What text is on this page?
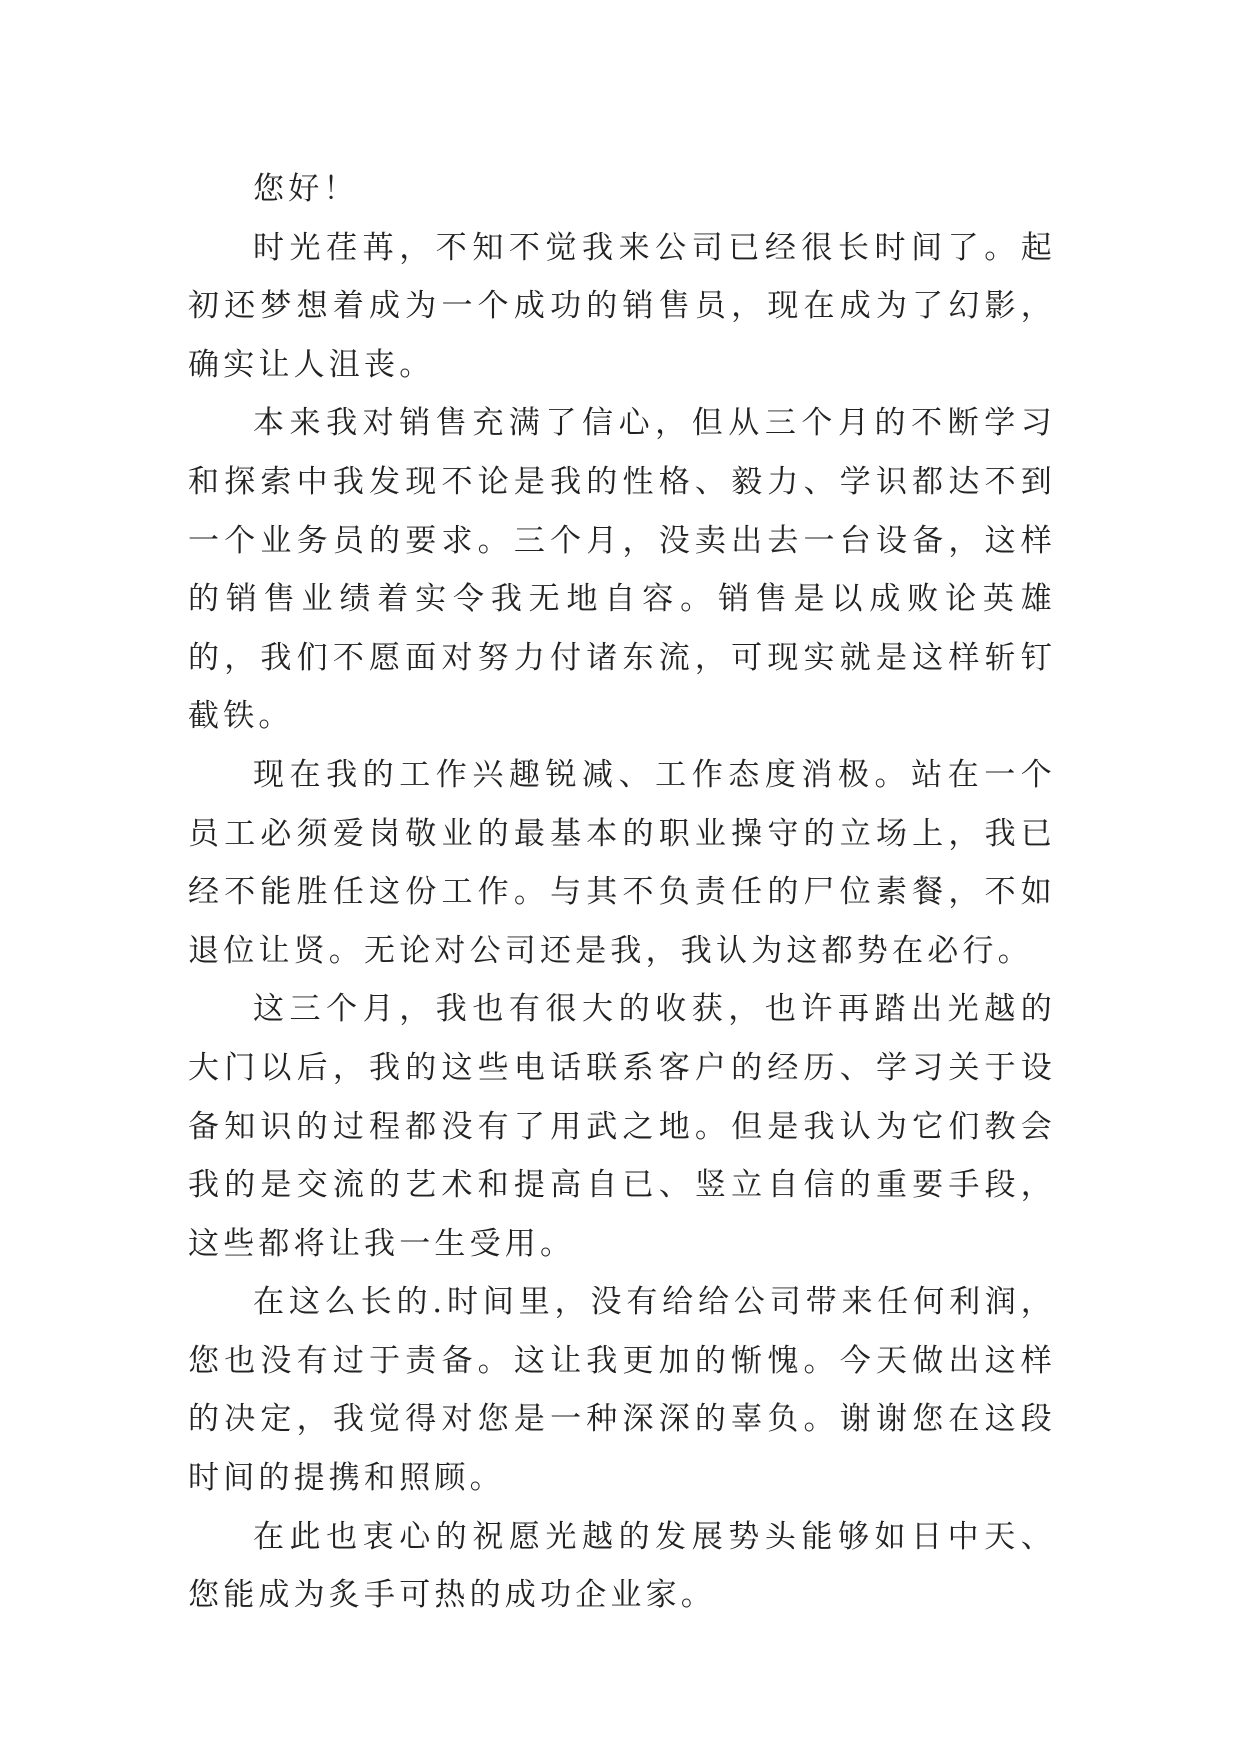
您好！

时光荏苒，不知不觉我来公司已经很长时间了。起初还梦想着成为一个成功的销售员，现在成为了幻影，确实让人沮丧。

本来我对销售充满了信心，但从三个月的不断学习和探索中我发现不论是我的性格、毅力、学识都达不到一个业务员的要求。三个月，没卖出去一台设备，这样的销售业绩着实令我无地自容。销售是以成败论英雄的，我们不愿面对努力付诸东流，可现实就是这样斩钉截铁。

现在我的工作兴趣锐减、工作态度消极。站在一个员工必须爱岗敬业的最基本的职业操守的立场上，我已经不能胜任这份工作。与其不负责任的尸位素餐，不如退位让贤。无论对公司还是我，我认为这都势在必行。

这三个月，我也有很大的收获，也许再踏出光越的大门以后，我的这些电话联系客户的经历、学习关于设备知识的过程都没有了用武之地。但是我认为它们教会我的是交流的艺术和提高自已、竖立自信的重要手段，这些都将让我一生受用。

在这么长的.时间里，没有给给公司带来任何利润，您也没有过于责备。这让我更加的惭愧。今天做出这样的决定，我觉得对您是一种深深的辜负。谢谢您在这段时间的提携和照顾。

在此也衷心的祝愿光越的发展势头能够如日中天、您能成为炙手可热的成功企业家。
